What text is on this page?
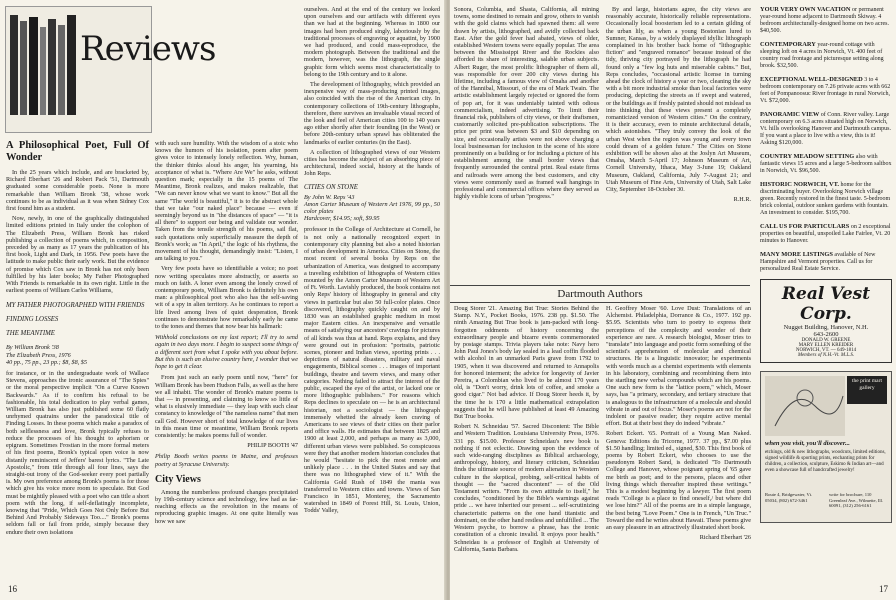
Reviews
A Philosophical Poet, Full Of Wonder

In the 25 years which include, and are bracketed by, Richard Eberhart '26 and Robert Pack '51, Dartmouth graduated some considerable poets. None is more remarkable than William Bronk '38, whose work continues to be as individual as it was when Sidney Cox first found him as a student.

Now, newly, in one of the graphically distinguished limited editions printed in Italy under the colophon of The Elizabeth Press, William Bronk has risked publishing a collection of poems which, in composition, preceded by as many as 17 years the publication of his first book, Light and Dark, in 1956. Few poets have the latitude to make public their early work. But the evidence of promise which Cox saw in Bronk has not only been fulfilled by his later books; My Father Photographed With Friends is remarkable in its own right. Little in the earliest poems of William Carlos Williams,

MY FATHER PHOTOGRAPHED WITH FRIENDS
FINDING LOSSES
THE MEANTIME
By William Bronk '38
The Elizabeth Press, 1976
40 pp., 75 pp., 23 pp.; $8, $8, $5

for instance, or in the undergraduate work of Wallace Stevens, approaches the ironic assurance of "The Spies" or the moral perspective implicit "On a Curve Known Backwards." As if to confirm his refusal to be fashionable, his total dedication to play verbal games, William Bronk has also just published some 60 flatly unrhymed quatrains under the paradoxical title of Finding Losses. In these poems which make a paradox of both selflessness and love, Bronk typically refuses to reduce the processes of his thought to aphorism or epigram. Sometimes Frostian in the more formal meters of his first poems, Bronk's typical open voice is now distantly reminiscent of Jeffers' barest lyrics. "The Late Apostolic," from title through all four lines, says the straight-out irony of the God-seeker every poet partially is. My own preference among Bronk's poems is for those which give his voice more room to speculate. But God must be mightily pleased with a poet who can title a short poem with the long, if self-deflatingly incomplete, knowing that "Pride, Which Goes Not Only Before But Behind And Probably Sideways Too...." Bronk's poems seldom fall or fail from pride, simply because they endure their own isolations

with such sure humility. With the wisdom of a stoic who knows the humors of his isolation, poem after poem gives voice to intensely lonely reflection. Wry, human, the thinker thinks aloud his anger, his yearning, his acceptance of what is. "Where Are We" he asks, without question mark; especially in the 15 poems of The Meantime, Bronk realizes, and makes realizable, that "We can never know what we want to know." But all the same "The world is beautiful," it is to the abstract whole that we take "our naked place" because — even if seemingly beyond us in "the distances of space" — "it is all there" to support our being and validate our wonder. Taken from the tensile strength of his poems, sail flat, such quotations only superficially measure the depth of Bronk's work; as "In April," the logic of his rhythms, the movement of his thought, demandingly insist: "Listen, I am talking to you."

Very few poets have so identifiable a voice; no poet now writing speculates more abstractly, or asserts so much on faith. A loner even among the lonely crowd of contemporary poets, William Bronk is definitely his own man: a philosophical poet who also has the self-saving wit of a spy in alien territory. As he continues to report a life lived among lives of quiet desperation, Bronk continues to demonstrate how remarkably early he came to the tones and themes that now bear his hallmark:

Withhold conclusions on my last report; I'll try to send again in two days more. I begin to suspect some things of a different sort from what I spoke with you about before. But this is such an elusive country here, I wonder that we hope to get it clear.

From just such an early poem until now, "here" for William Bronk has been Hudson Falls, as well as the here we all inhabit. The wonder of Bronk's mature poems is that — in presenting, and claiming to know so little of what is elusively immediate — they leap with such clear constancy to knowledge of "the nameless name" that men call God. However short of total knowledge of our lives in this mean time or meantime, William Bronk reports consistently: he makes poems full of wonder.

PHILIP BOOTH '47

Philip Booth writes poems in Maine, and professes poetry at Syracuse University.

City Views

Among the numberless profound changes precipitated by 19th-century science and technology, few had as far-reaching effects as the revolution in the means of reproducing graphic images. At one quite literally was how we saw

ourselves. And at the end of the century we looked upon ourselves and our artifacts with different eyes than we had at the beginning. Whereas in 1800 our images had been produced singly, laboriously by the traditional processes of engraving or aquatint, by 1900 we had produced, and could mass-reproduce, the modern photograph. Between the traditional and the modern, however, was the lithograph, the single graphic form which seems most characteristically to belong to the 19th century and to it alone.

The development of lithography, which provided an inexpensive way of mass-producing printed images, also coincided with the rise of the American city. In contemporary collections of 19th-century lithographs, therefore, there survives an invaluable visual record of the look and feel of American cities 100 to 140 years ago either shortly after their founding (in the West) or before 20th-century urban sprawl has obliterated the landmarks of earlier centuries (in the East).

A collection of lithographed views of our Western cities has become the subject of an absorbing piece of architectural, indeed social, history at the hands of John Reps.

CITIES ON STONE
By John W. Reps '43
Amon Carter Museum of Western Art 1976, 99 pp., 50 color plates
Hardcover, $14.95; soft, $9.95

professor in the College of Architecture at Cornell, he is not only a nationally recognized expert in contemporary city planning but also a noted historian of urban development in America. Cities on Stone, the most recent of several books by Reps on the urbanization of America, was designed to accompany a traveling exhibition of lithographs of Western cities mounted by the Amon Carter Museum of Western Art of Ft. Worth. Lavishly produced, the book contains not only Reps' history of lithography in general and city views in particular but also 50 full-color plates. Once discovered, lithography quickly caught on and by 1830 was an established graphic medium in most major Eastern cities. An inexpensive and versatile means of satisfying our ancestors' cravings for pictures of all kinds was thus at hand. Reps explains, and they were ground out in profusion: "portraits, patriotic scenes, pioneer and Indian views, sporting prints . . . depictions of natural disasters, military and naval engagements, Biblical scenes . . . images of important buildings, theatre and tavern views, and many other categories. Nothing failed to attract the interest of the public, escaped the eye of the artist, or lacked one or more lithographic publishers." For reasons which Reps declines to speculate on — he is an architectural historian, not a sociologist — the lithograph immensely whetted the already keen craving of Americans to see views of their cities on their parlor and office walls. He estimates that between 1825 and 1900 at least 2,000, and perhaps as many as 3,000, different urban views were published. So conspicuous were they that another modern historian concludes that he would "hesitate to pick the most remote and unlikely place . . . in the United States and say that there was no lithographed view of it." With the California Gold Rush of 1849 the mania was transferred to Western cities and towns. Views of San Francisco in 1851, Monterey, the Sacramento watershed in 1849 of Forest Hill, St. Louis, Union, Todds' Valley,

16

Sonora, Columbia, and Shasta, California, all mining towns, some destined to remain and grow, others to vanish with the gold claims which had spawned them: all were drawn by artists, lithographed, and avidly collected back East. After the gold fever had abated, views of older, established Western towns were equally popular. The area between the Mississippi River and the Rockies also afforded its share of interesting, salable urban subjects. Albert Ruger, the most prolific lithographer of them all, was responsible for over 200 city views during his lifetime, including a famous view of Omaha and another of the Hannibal, Missouri, of the era of Mark Twain. The artistic establishment largely rejected or ignored the form of pop art, for it was undeniably tainted with odious commercialism, indeed advertising. To limit their financial risk, publishers of city views, or their draftsmen, customarily solicited pre-publication subscriptions. The price per print was between $3 and $10 depending on size, and occasionally artists were not above charging a local businessman for inclusion in the scene of his store prominently on a building or for including a picture of his establishment among the small border views that frequently surrounded the central print. Real estate firms and railroads were among the best customers, and city views were commonly used as framed wall hangings in professional and commercial offices where they served as highly visible icons of urban "progress."

By and large, historians agree, the city views are reasonably accurate, historically reliable representations. Occasionally local boosterism led to a certain gilding of the urban lily, as when a young Bostonian lured to Sumner, Kansas, by a widely displayed idyllic lithograph complained in his brother back home of "lithographic fiction" and "engraved romance" because instead of the tidy, thriving city portrayed by the lithograph he had found only a "few log huts and miserable cabins." But, Reps concludes, "occasional artistic license in turning ahead the clock of history a year or two, cleaning the sky with a bit more industrial smoke than local factories were producing, depicting the streets as if swept and watered, or the buildings as if freshly painted should not mislead us into thinking that these views present a completely romanticized version of Western cities." On the contrary, it is their accuracy, even to minute architectural details, which astonishes. "They truly convey the look of the urban West when the region was young and every town could dream of a golden future." The Cities on Stone exhibition will be shown also at the Joslyn Art Museum, Omaha, March 5-April 17; Johnson Museum of Art, Cornell University, Ithaca, May 3-June 19; Oakland Museum, Oakland, California, July 7-August 21; and Utah Museum of Fine Arts, University of Utah, Salt Lake City, September 18-October 30.

R.H.R.
Dartmouth Authors

Doug Storer '21. Amazing But True: Stories Behind the Stamp. N.Y., Pocket Books, 1976. 238 pp. $1.50. The ninth Amazing But True book is jam-packed with long-forgotten oddments of history concerning the extraordinary people and bizarre events commemorated by postage stamps. Trivia players take note: Navy hero John Paul Jones's body lay sealed in a lead coffin flooded with alcohol in an unmarked Paris grave from 1792 to 1905, when it was discovered and returned to Annapolis for honored interment; the advice for longevity of Javier Pereira, a Colombian who lived to be almost 170 years old, is "Don't worry, drink lots of coffee, and smoke a good cigar." Not bad advice. If Doug Storer heeds it, by the time he is 170 a little mathematical extrapolation suggests that he will have published at least 49 Amazing But True books.

Robert N. Schneidau '57. Sacred Discontent: The Bible and Western Tradition. Louisiana University Press, 1976. 331 pp. $15.00. Professor Schneidau's new book is nothing if not eclectic. Drawing upon the evidence of such wide-ranging disciplines as Biblical archaeology, anthropology, history, and literary criticism, Schneidau finds the ultimate source of modern alienation in Western culture in the skeptical, probing, self-critical habits of thought — the "sacred discontent" — of the Old Testament writers. "From its own attitude to itself," he concludes, "conditioned by the Bible's warnings against pride ... we have inherited our present ... self-scrutinizing characteristic patterns on the one hand titanistic and dominant, on the other hand restless and unfulfilled ... The Western psyche, to borrow a phrase, has the ironic constitution of a chronic invalid. It enjoys poor health." Schneidau is a professor of English at University of California, Santa Barbara.

H. Geoffrey Moser '60. Love Dust: Translations of an Alchemist. Philadelphia, Dorrance & Co., 1977. 192 pp. $5.95. Scientists who turn to poetry to express their perceptions of the complexity and wonder of their experience are rare. A research biologist, Moser tries to "translate" into language and poetic form something of the scientist's apprehension of molecular and chemical structures. He is a linguistic innovator; he experiments with words much as a chemist experiments with elements in his laboratory, combining and recombining them into the startling new verbal compounds which are his poems. One such new form is the "lattice poem," which, Moser says, has "a primary, secondary, and tertiary structure that is analogous to the infrastructure of a molecule and should vibrate in and out of focus." Moser's poems are not for the indolent or passive reader; they require active mental effort. But at their best they do indeed "vibrate."

Robert Eckert. '65. Portrait of a Young Man Naked. Geneva: Editions du Tricorne, 1977. 37 pp., $7.00 plus $1.50 handling; limited ed., signed, $30. This first book of poems by Robert Eckert, who chooses to use the pseudonym Robert Sand, is dedicated "To Dartmouth College and Hanover, whose poignant spring of '65 gave me birth as poet; and to the persons, places and other living things which thereafter inspired these writings." This is a modest beginning by a lawyer. The first poem reads "College is a place to find oneself,/ but where did we lose him?" All of the poems are in a simple language, the best being "Love Poem." One is in French, "Un Truc." Toward the end he writes about Hawaii. These poems give an easy pleasure in an attractively illustrated short book.

Richard Eberhart '26
YOUR VERY OWN VACATION or permanent year-round home adjacent to Dartmouth Skiway. 4 bedroom architecturally-designed home on two acres. $40,500.
CONTEMPORARY year-round cottage with sleeping loft on 4 acres in Norwich, Vt. 400 feet of country road frontage and picturesque setting along brook. $32,500.
EXCEPTIONAL WELL-DESIGNED 3 to 4 bedroom contemporary on 7.26 private acres with 662 feet of Pompanoosuc River frontage in rural Norwich, Vt. $72,000.
PANORAMIC VIEW of Conn. River valley. Large contemporary on 6.3 acres situated high on Norwich, Vt. hills overlooking Hanover and Dartmouth campus. If you want a place to live with a view, this is it! Asking $120,000.
COUNTRY MEADOW SETTING also with fantastic views 15 acres and a large 5-bedroom saltbox in Norwich, Vt. $96,500.
HISTORIC NORWICH, VT. home for the discriminating buyer. Overlooking Norwich village green. Recently restored in the finest taste. 5-bedroom brick colonial, outdoor sunken gardens with fountain. An investment to consider. $195,700.
CALL US FOR PARTICULARS on 2 exceptional properties on beautiful, unspoiled Lake Fairlee, Vt. 20 minutes to Hanover.
MANY MORE LISTINGS available of New Hampshire and Vermont properties. Call us for personalized Real Estate Service.
Real Vest Corp.
Nugget Building, Hanover, N.H.
643-2600
DONALD W. GREENE
MARY ELLEN KREIDER
NORWICH, VT. — 649-1814
Members of N.H.-Vt. M.L.S.
the print mart gallery
when you visit, you'll discover...
etchings, old & new lithographs, woodcuts, limited editions, signed wildlife & sporting prints, enchanting prints for children, a collection, sculpture, Eskimo & Indian art—and even a showcase full of handcrafted jewelry!
Route 4, Bridgewater, Vt. 05034, (802) 672-3461
write for brochure, 110 Greenleaf Ave., Wilmette, Ill. 60091, (312) 256-6161
17
